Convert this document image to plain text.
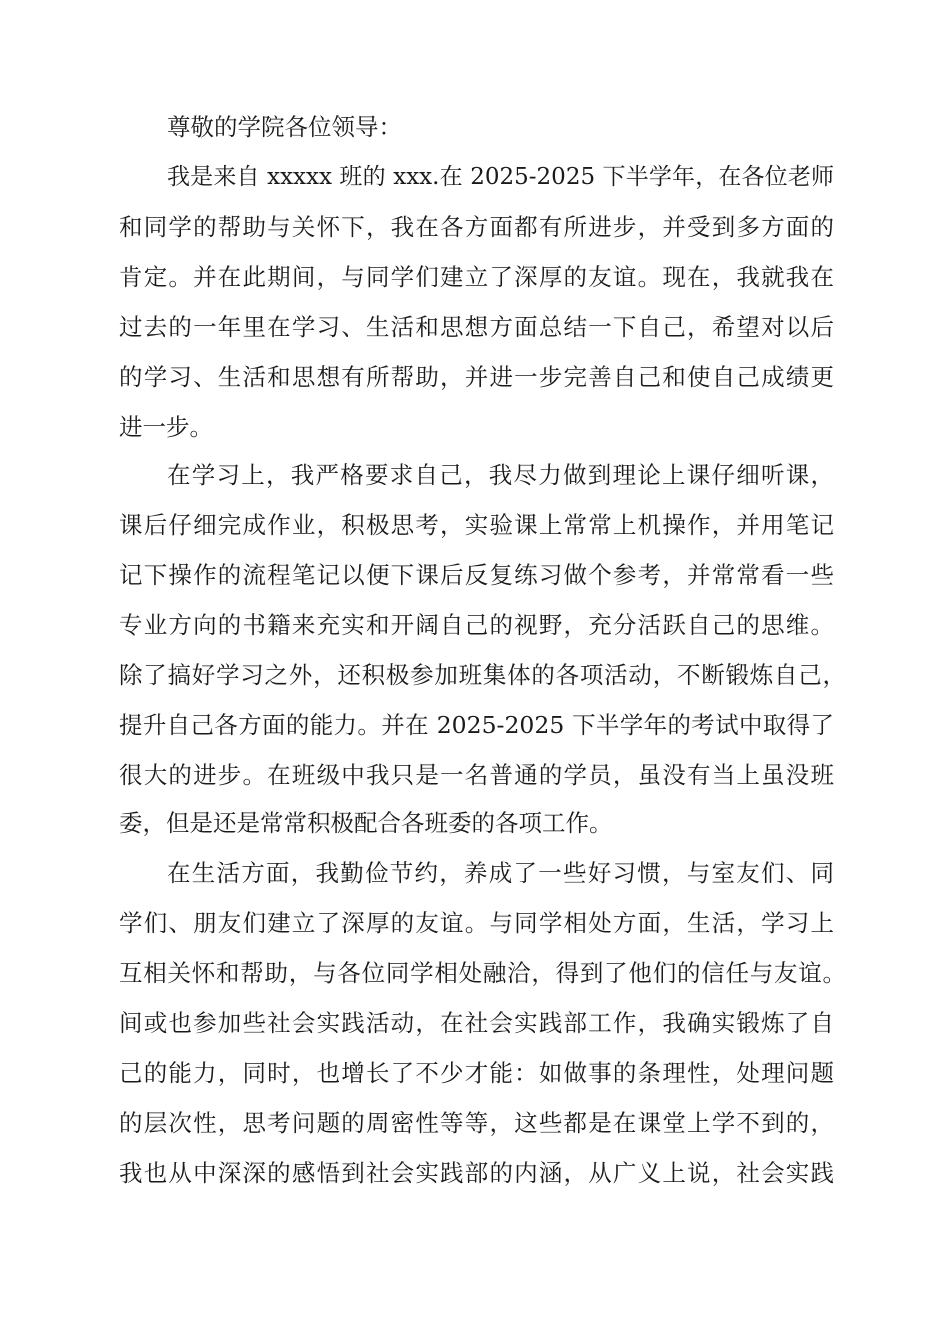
尊敬的学院各位领导：
我是来自 xxxxx 班的 xxx.在 2025-2025 下半学年，在各位老师
和同学的帮助与关怀下，我在各方面都有所进步，并受到多方面的
肯定。并在此期间，与同学们建立了深厚的友谊。现在，我就我在
过去的一年里在学习、生活和思想方面总结一下自己，希望对以后
的学习、生活和思想有所帮助，并进一步完善自己和使自己成绩更
进一步。
在学习上，我严格要求自己，我尽力做到理论上课仔细听课，
课后仔细完成作业，积极思考，实验课上常常上机操作，并用笔记
记下操作的流程笔记以便下课后反复练习做个参考，并常常看一些
专业方向的书籍来充实和开阔自己的视野，充分活跃自己的思维。
除了搞好学习之外，还积极参加班集体的各项活动，不断锻炼自己，
提升自己各方面的能力。并在 2025-2025 下半学年的考试中取得了
很大的进步。在班级中我只是一名普通的学员，虽没有当上虽没班
委，但是还是常常积极配合各班委的各项工作。
在生活方面，我勤俭节约，养成了一些好习惯，与室友们、同
学们、朋友们建立了深厚的友谊。与同学相处方面，生活，学习上
互相关怀和帮助，与各位同学相处融洽，得到了他们的信任与友谊。
间或也参加些社会实践活动，在社会实践部工作，我确实锻炼了自
己的能力，同时，也增长了不少才能：如做事的条理性，处理问题
的层次性，思考问题的周密性等等，这些都是在课堂上学不到的，
我也从中深深的感悟到社会实践部的内涵，从广义上说，社会实践
